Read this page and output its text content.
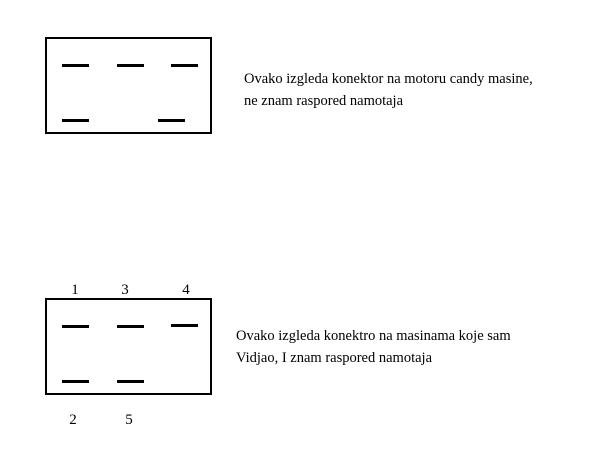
Ovako izgleda konektor na motoru candy masine,
ne znam raspored namotaja
1	3	4
2	5
Ovako izgleda konektro na masinama koje sam
Vidjao, I znam raspored namotaja
